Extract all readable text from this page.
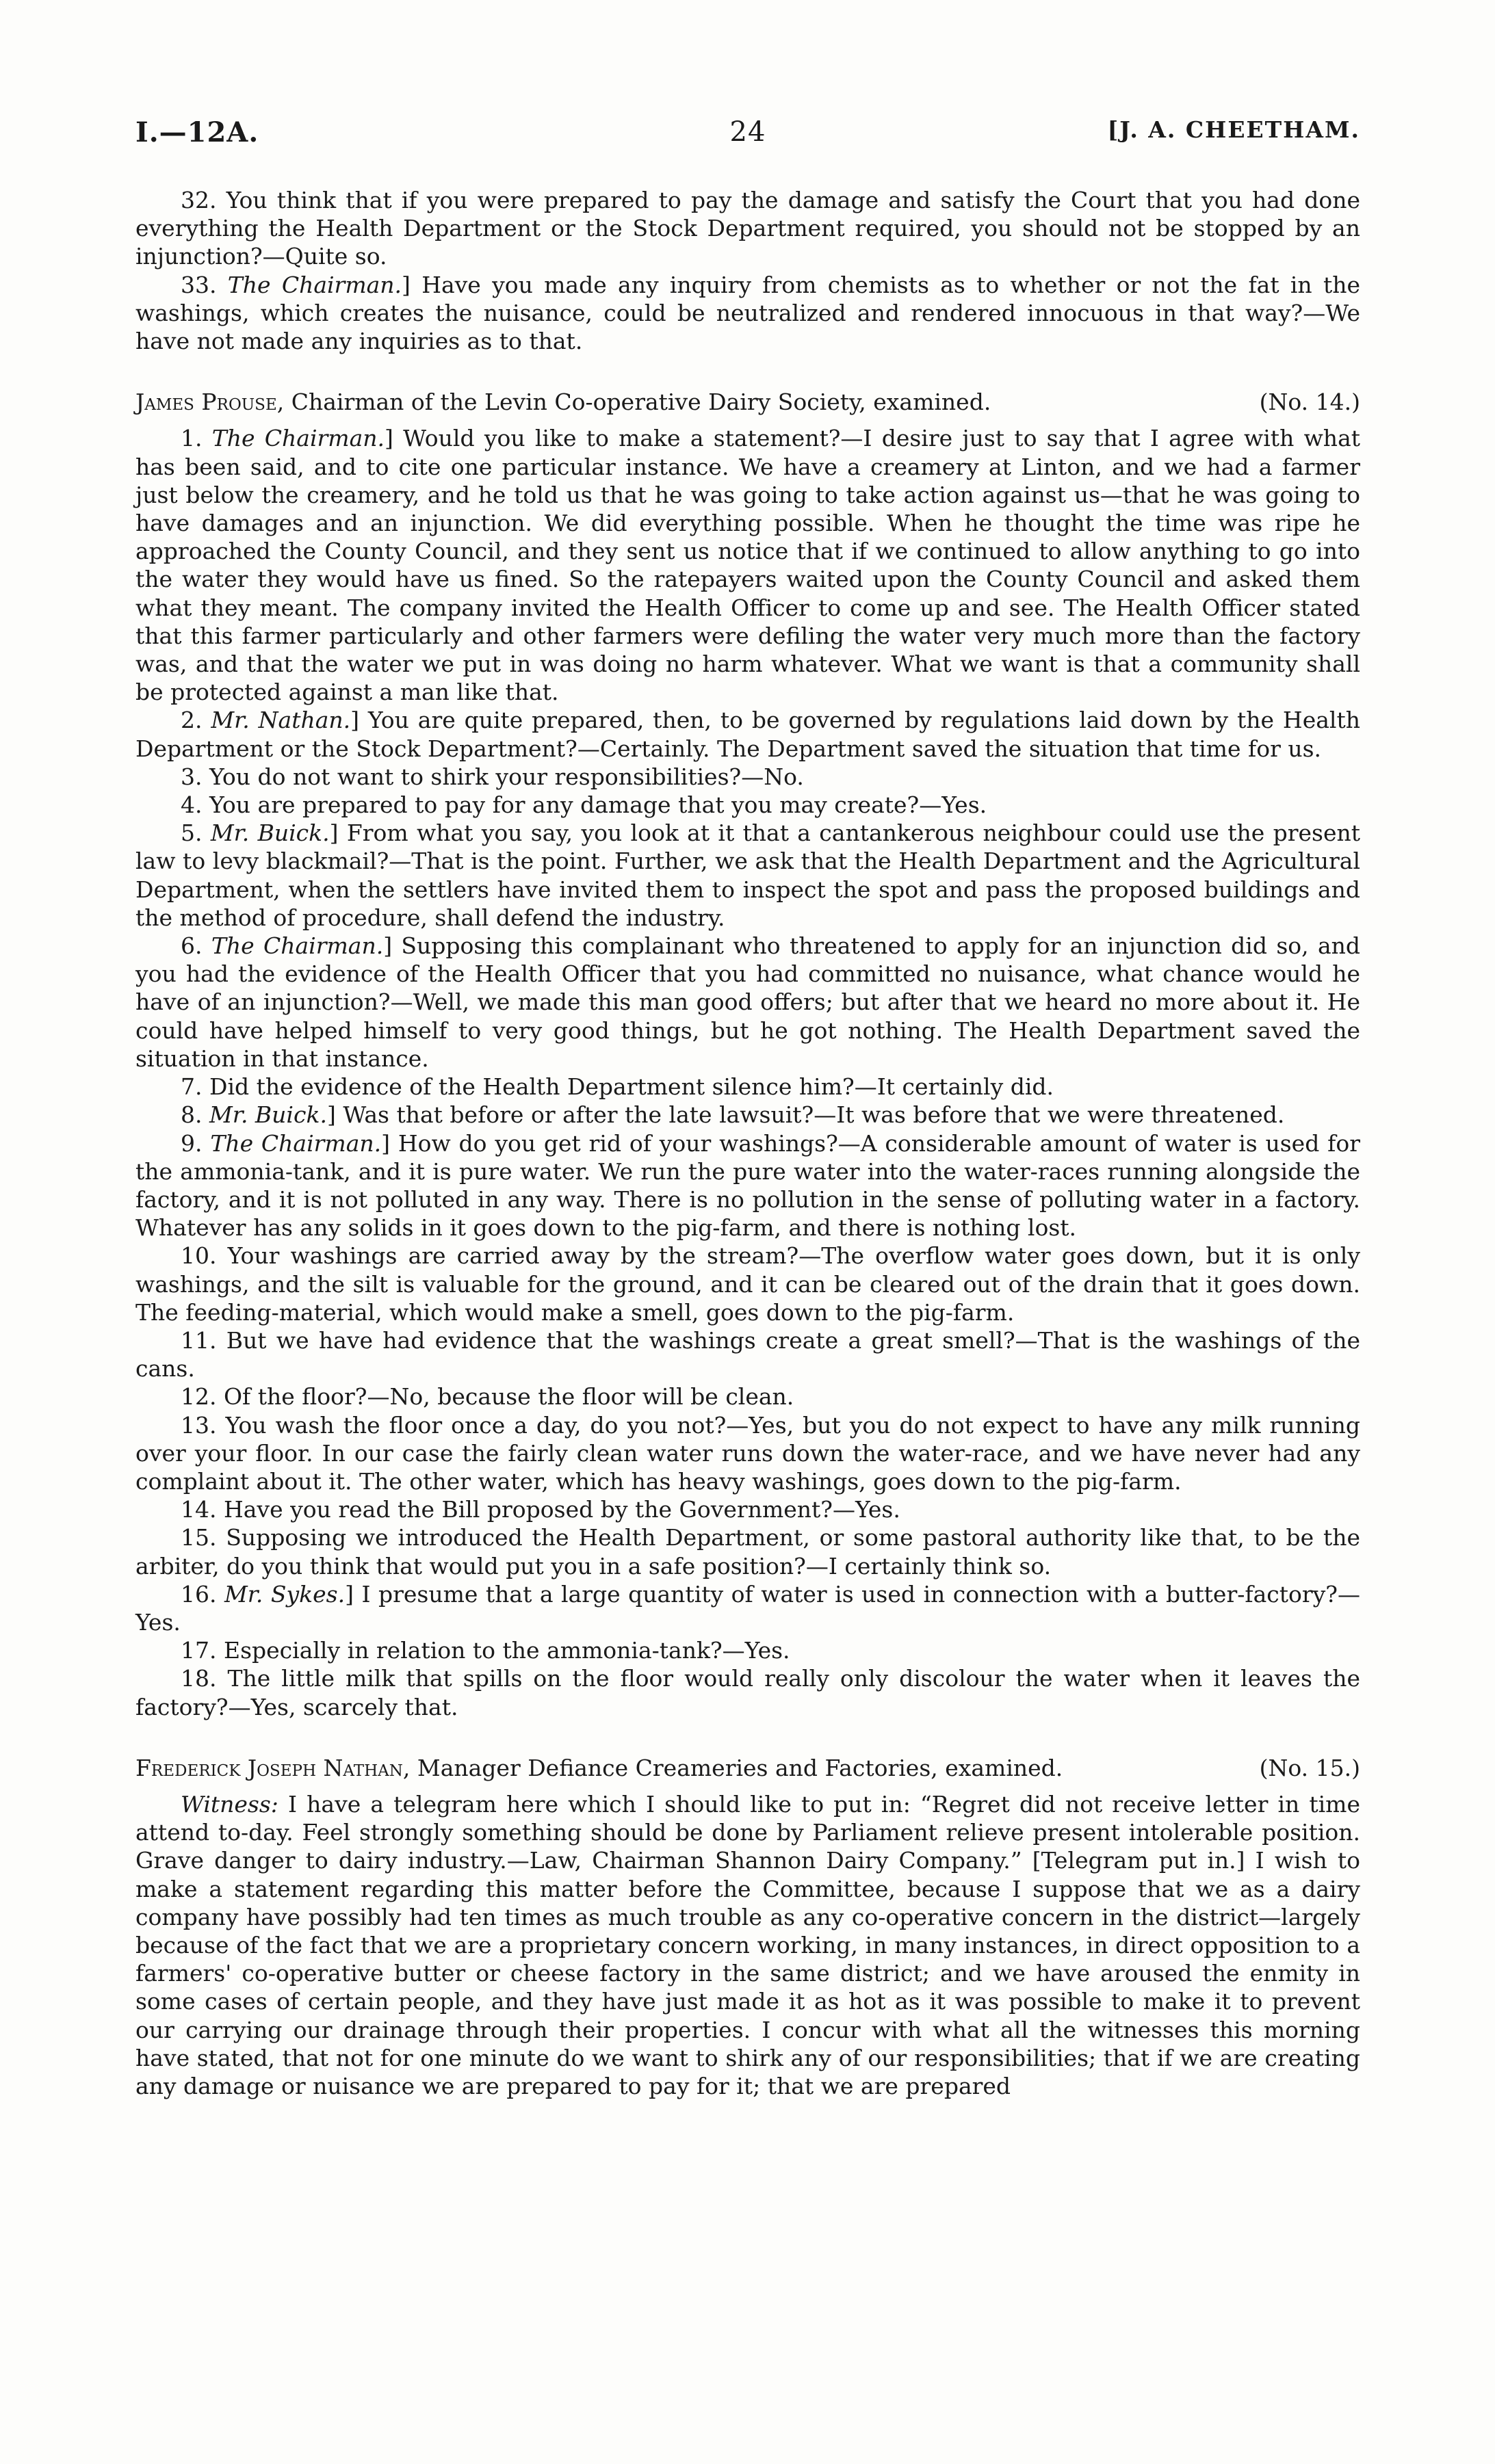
I.—12A.	24	[J. A. CHEETHAM.

32. You think that if you were prepared to pay the damage and satisfy the Court that you had done everything the Health Department or the Stock Department required, you should not be stopped by an injunction?—Quite so.

33. The Chairman.] Have you made any inquiry from chemists as to whether or not the fat in the washings, which creates the nuisance, could be neutralized and rendered innocuous in that way?—We have not made any inquiries as to that.

(No. 14.)
James Prouse, Chairman of the Levin Co-operative Dairy Society, examined.

1. The Chairman.] Would you like to make a statement?—I desire just to say that I agree with what has been said, and to cite one particular instance. We have a creamery at Linton, and we had a farmer just below the creamery, and he told us that he was going to take action against us—that he was going to have damages and an injunction. We did everything possible. When he thought the time was ripe he approached the County Council, and they sent us notice that if we continued to allow anything to go into the water they would have us fined. So the ratepayers waited upon the County Council and asked them what they meant. The company invited the Health Officer to come up and see. The Health Officer stated that this farmer particularly and other farmers were defiling the water very much more than the factory was, and that the water we put in was doing no harm whatever. What we want is that a community shall be protected against a man like that.

2. Mr. Nathan.] You are quite prepared, then, to be governed by regulations laid down by the Health Department or the Stock Department?—Certainly. The Department saved the situation that time for us.

3. You do not want to shirk your responsibilities?—No.

4. You are prepared to pay for any damage that you may create?—Yes.

5. Mr. Buick.] From what you say, you look at it that a cantankerous neighbour could use the present law to levy blackmail?—That is the point. Further, we ask that the Health Department and the Agricultural Department, when the settlers have invited them to inspect the spot and pass the proposed buildings and the method of procedure, shall defend the industry.

6. The Chairman.] Supposing this complainant who threatened to apply for an injunction did so, and you had the evidence of the Health Officer that you had committed no nuisance, what chance would he have of an injunction?—Well, we made this man good offers; but after that we heard no more about it. He could have helped himself to very good things, but he got nothing. The Health Department saved the situation in that instance.

7. Did the evidence of the Health Department silence him?—It certainly did.

8. Mr. Buick.] Was that before or after the late lawsuit?—It was before that we were threatened.

9. The Chairman.] How do you get rid of your washings?—A considerable amount of water is used for the ammonia-tank, and it is pure water. We run the pure water into the water-races running alongside the factory, and it is not polluted in any way. There is no pollution in the sense of polluting water in a factory. Whatever has any solids in it goes down to the pig-farm, and there is nothing lost.

10. Your washings are carried away by the stream?—The overflow water goes down, but it is only washings, and the silt is valuable for the ground, and it can be cleared out of the drain that it goes down. The feeding-material, which would make a smell, goes down to the pig-farm.

11. But we have had evidence that the washings create a great smell?—That is the washings of the cans.

12. Of the floor?—No, because the floor will be clean.

13. You wash the floor once a day, do you not?—Yes, but you do not expect to have any milk running over your floor. In our case the fairly clean water runs down the water-race, and we have never had any complaint about it. The other water, which has heavy washings, goes down to the pig-farm.

14. Have you read the Bill proposed by the Government?—Yes.

15. Supposing we introduced the Health Department, or some pastoral authority like that, to be the arbiter, do you think that would put you in a safe position?—I certainly think so.

16. Mr. Sykes.] I presume that a large quantity of water is used in connection with a butter-factory?—Yes.

17. Especially in relation to the ammonia-tank?—Yes.

18. The little milk that spills on the floor would really only discolour the water when it leaves the factory?—Yes, scarcely that.

(No. 15.)
Frederick Joseph Nathan, Manager Defiance Creameries and Factories, examined.

Witness: I have a telegram here which I should like to put in: “Regret did not receive letter in time attend to-day. Feel strongly something should be done by Parliament relieve present intolerable position. Grave danger to dairy industry.—Law, Chairman Shannon Dairy Company.” [Telegram put in.] I wish to make a statement regarding this matter before the Committee, because I suppose that we as a dairy company have possibly had ten times as much trouble as any co-operative concern in the district—largely because of the fact that we are a proprietary concern working, in many instances, in direct opposition to a farmers' co-operative butter or cheese factory in the same district; and we have aroused the enmity in some cases of certain people, and they have just made it as hot as it was possible to make it to prevent our carrying our drainage through their properties. I concur with what all the witnesses this morning have stated, that not for one minute do we want to shirk any of our responsibilities; that if we are creating any damage or nuisance we are prepared to pay for it; that we are prepared
